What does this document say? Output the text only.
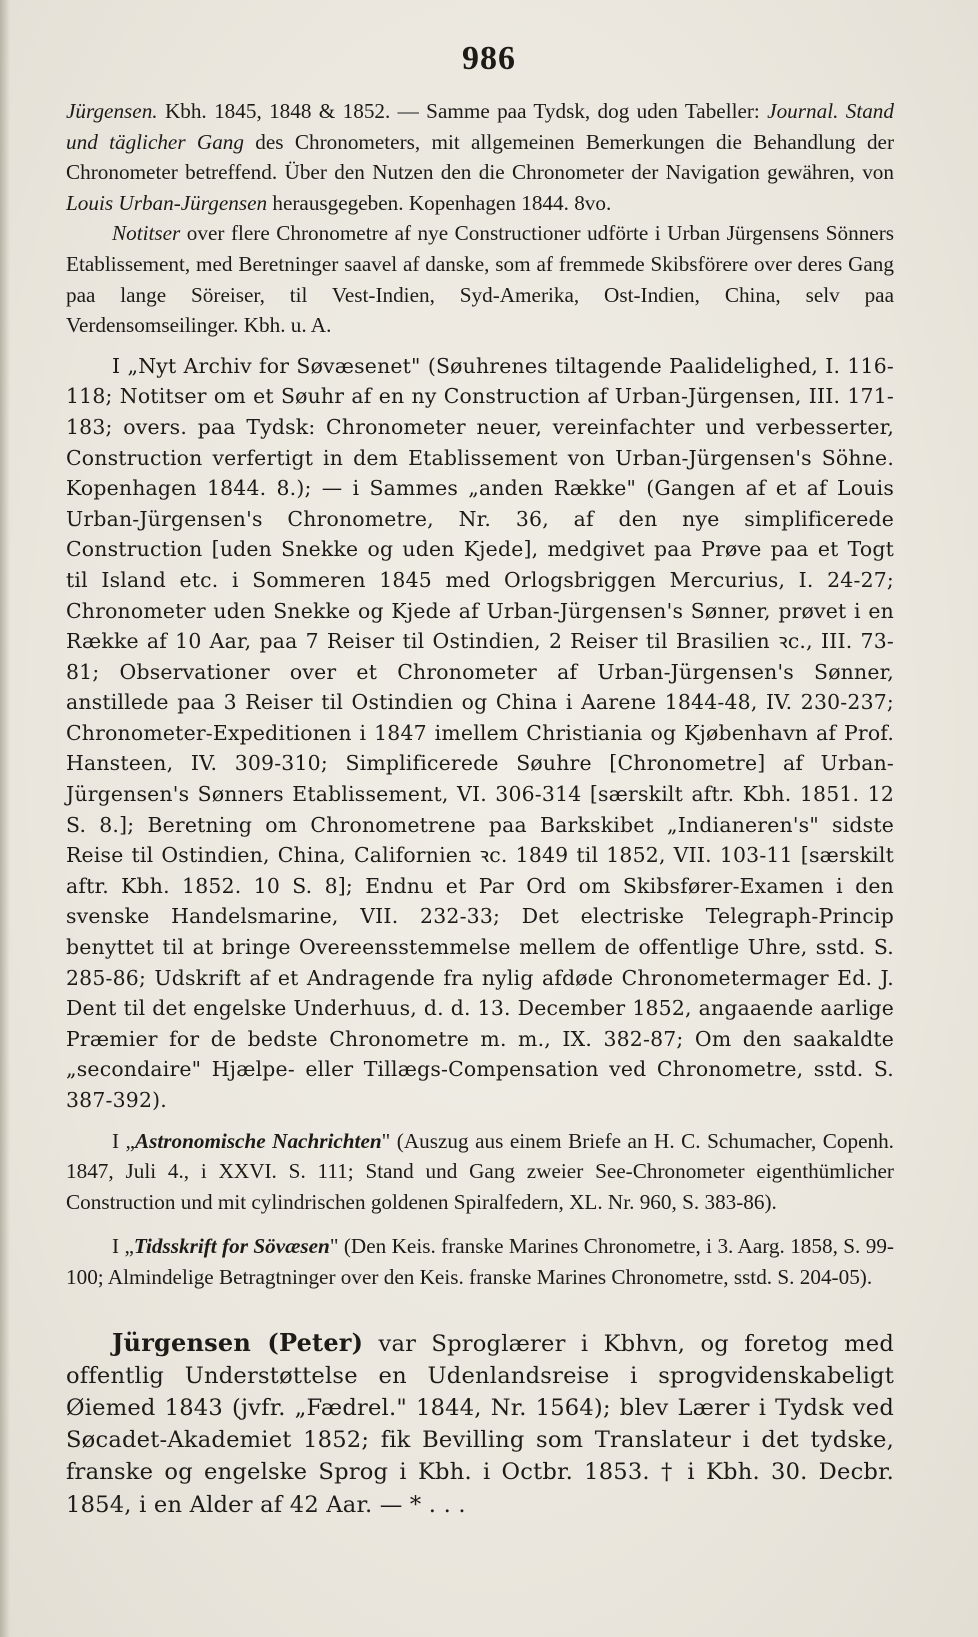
986

Jürgensen. Kbh. 1845, 1848 & 1852. — Samme paa Tydsk, dog uden Tabeller: Journal. Stand und täglicher Gang des Chronometers, mit allgemeinen Bemerkungen die Behandlung der Chronometer betreffend. Über den Nutzen den die Chronometer der Navigation gewähren, von Louis Urban-Jürgensen herausgegeben. Kopenhagen 1844. 8vo.

Notitser over flere Chronometre af nye Constructioner udförte i Urban Jürgensens Sönners Etablissement, med Beretninger saavel af danske, som af fremmede Skibsförere over deres Gang paa lange Söreiser, til Vest-Indien, Syd-Amerika, Ost-Indien, China, selv paa Verdensomseilinger. Kbh. u. A.

I „Nyt Archiv for Søvæsenet" (Søuhrenes tiltagende Paalidelighed, I. 116-118; Notitser om et Søuhr af en ny Construction af Urban-Jürgensen, III. 171-183; overs. paa Tydsk: Chronometer neuer, vereinfachter und verbesserter, Construction verfertigt in dem Etablissement von Urban-Jürgensen's Söhne. Kopenhagen 1844. 8.); — i Sammes „anden Række" (Gangen af et af Louis Urban-Jürgensen's Chronometre, Nr. 36, af den nye simplificerede Construction [uden Snekke og uden Kjede], medgivet paa Prøve paa et Togt til Island etc. i Sommeren 1845 med Orlogsbriggen Mercurius, I. 24-27; Chronometer uden Snekke og Kjede af Urban-Jürgensen's Sønner, prøvet i en Række af 10 Aar, paa 7 Reiser til Ostindien, 2 Reiser til Brasilien ꝛc., III. 73-81; Observationer over et Chronometer af Urban-Jürgensen's Sønner, anstillede paa 3 Reiser til Ostindien og China i Aarene 1844-48, IV. 230-237; Chronometer-Expeditionen i 1847 imellem Christiania og Kjøbenhavn af Prof. Hansteen, IV. 309-310; Simplificerede Søuhre [Chronometre] af Urban-Jürgensen's Sønners Etablissement, VI. 306-314 [særskilt aftr. Kbh. 1851. 12 S. 8.]; Beretning om Chronometrene paa Barkskibet „Indianeren's" sidste Reise til Ostindien, China, Californien ꝛc. 1849 til 1852, VII. 103-11 [særskilt aftr. Kbh. 1852. 10 S. 8]; Endnu et Par Ord om Skibsfører-Examen i den svenske Handelsmarine, VII. 232-33; Det electriske Telegraph-Princip benyttet til at bringe Overeensstemmelse mellem de offentlige Uhre, sstd. S. 285-86; Udskrift af et Andragende fra nylig afdøde Chronometermager Ed. J. Dent til det engelske Underhuus, d. d. 13. December 1852, angaaende aarlige Præmier for de bedste Chronometre m. m., IX. 382-87; Om den saakaldte „secondaire" Hjælpe- eller Tillægs-Compensation ved Chronometre, sstd. S. 387-392).

I „Astronomische Nachrichten" (Auszug aus einem Briefe an H. C. Schumacher, Copenh. 1847, Juli 4., i XXVI. S. 111; Stand und Gang zweier See-Chronometer eigenthümlicher Construction und mit cylindrischen goldenen Spiralfedern, XL. Nr. 960, S. 383-86).

I „Tidsskrift for Sövæsen" (Den Keis. franske Marines Chronometre, i 3. Aarg. 1858, S. 99-100; Almindelige Betragtninger over den Keis. franske Marines Chronometre, sstd. S. 204-05).

Jürgensen (Peter) var Sproglærer i Kbhvn, og foretog med offentlig Understøttelse en Udenlandsreise i sprogvidenskabeligt Øiemed 1843 (jvfr. „Fædrel." 1844, Nr. 1564); blev Lærer i Tydsk ved Søcadet-Akademiet 1852; fik Bevilling som Translateur i det tydske, franske og engelske Sprog i Kbh. i Octbr. 1853. † i Kbh. 30. Decbr. 1854, i en Alder af 42 Aar. — * . . .
